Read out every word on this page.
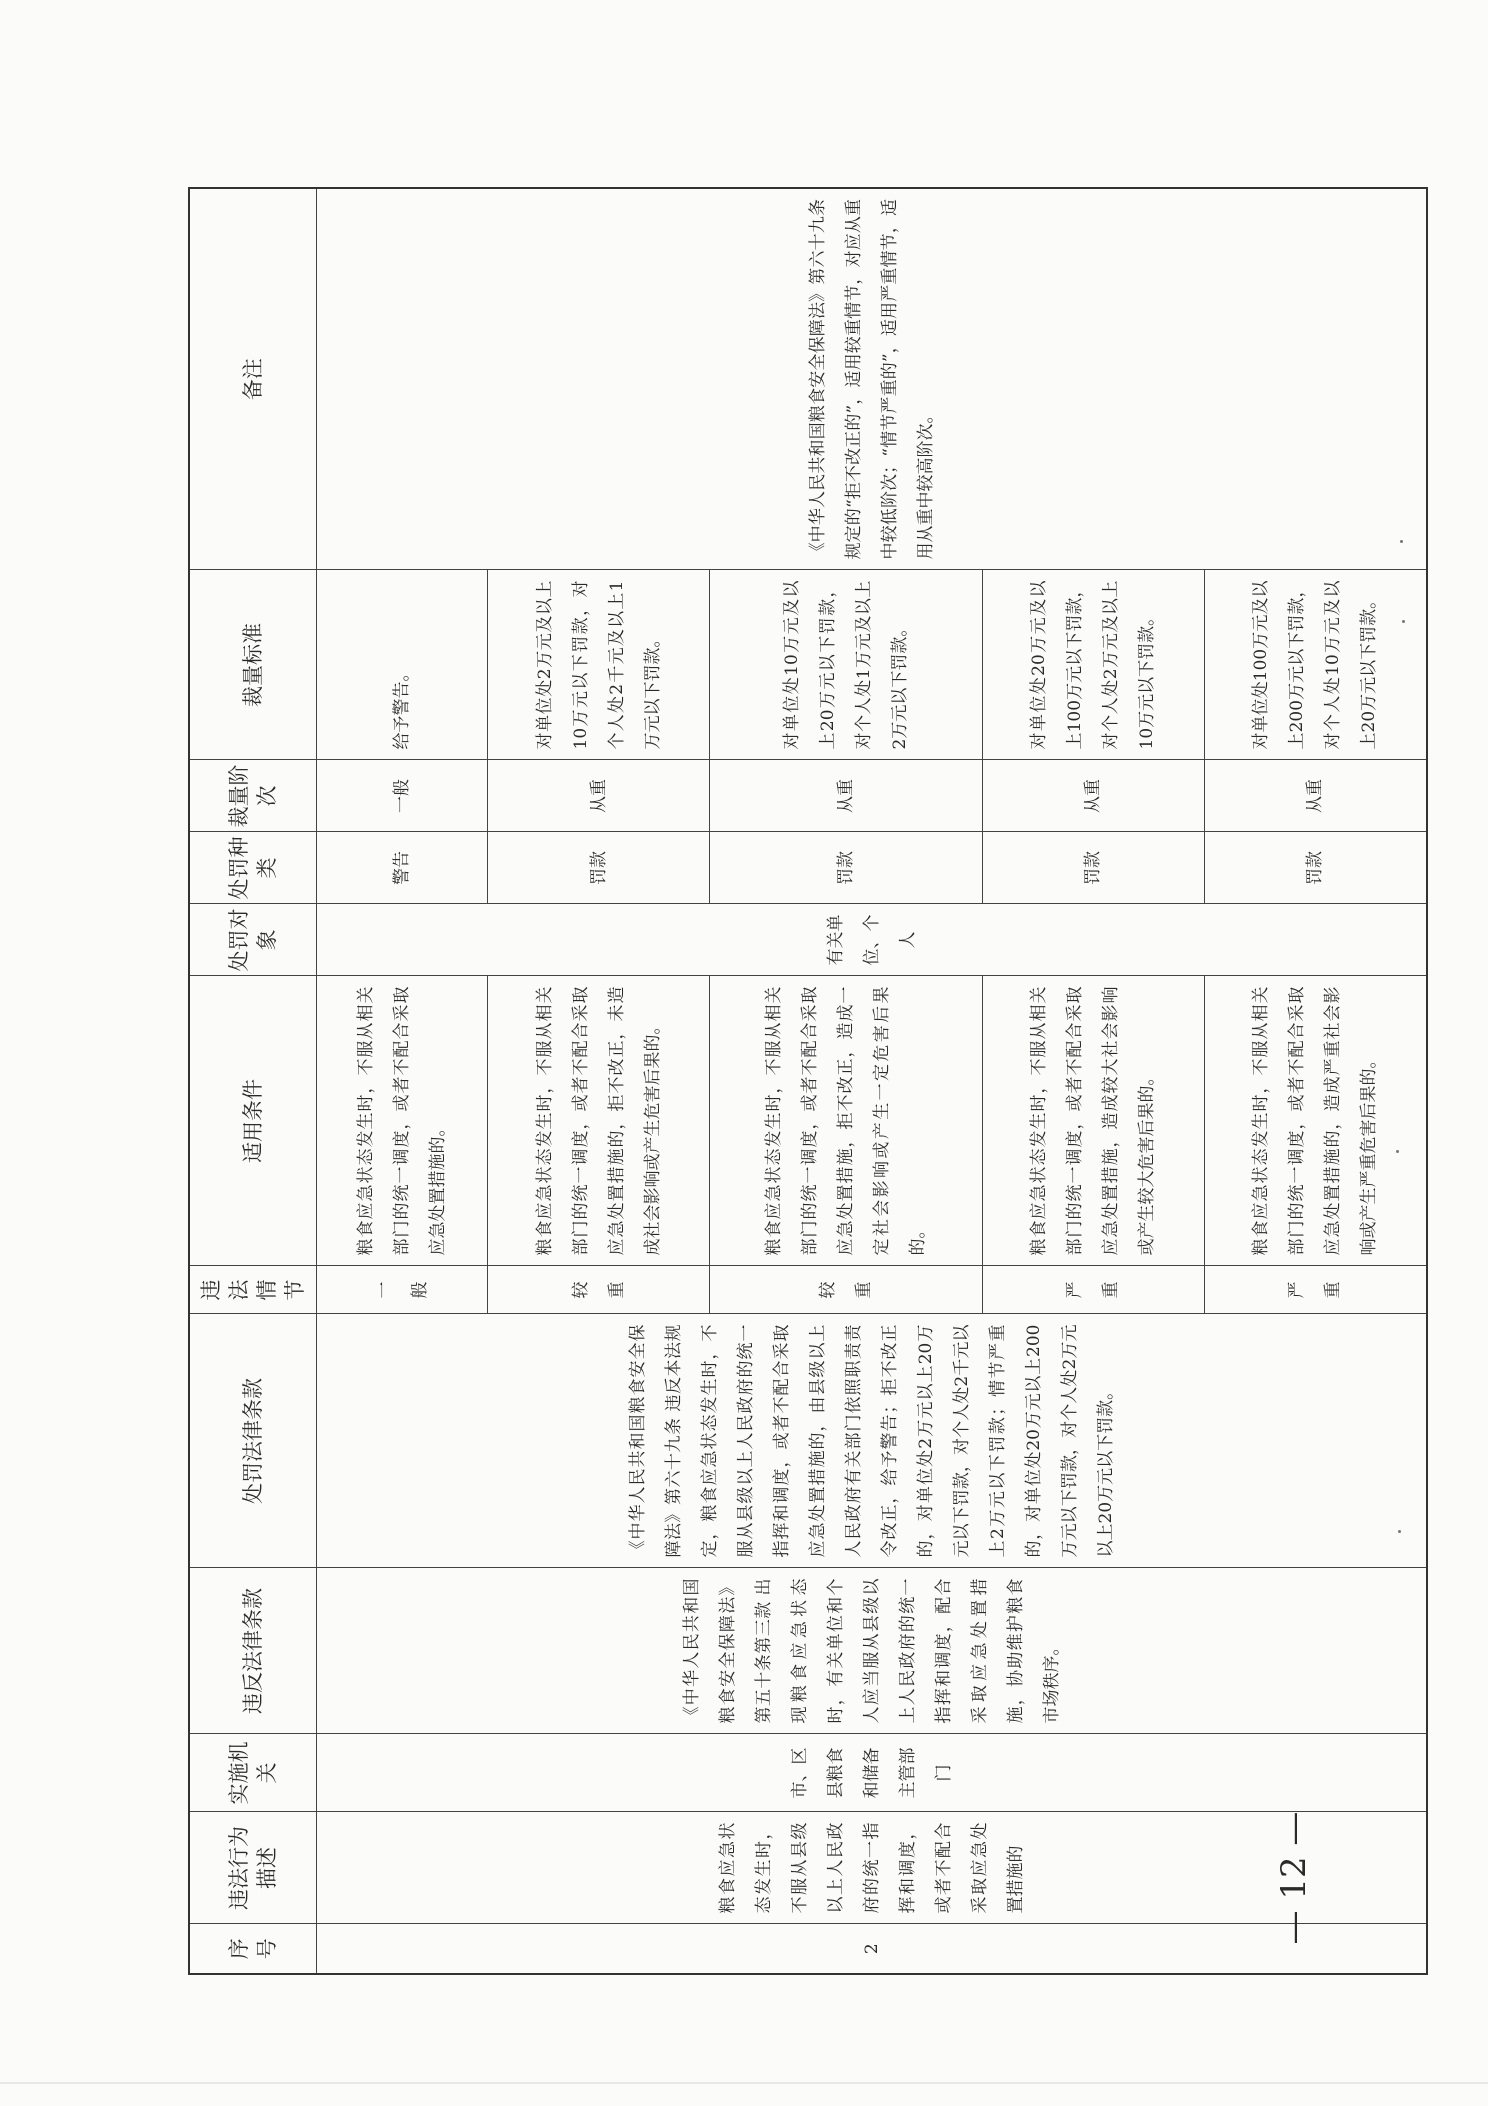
序号	违法行为描述	实施机关	违反法律条款	处罚法律条款	违法情节	适用条件	处罚对象	处罚种类	裁量阶次	裁量标准	备注
2	粮食应急状态发生时，不服从县级以上人民政府的统一指挥和调度，或者不配合采取应急处置措施的	市、区县粮食和储备主管部门	《中华人民共和国粮食安全保障法》第五十条第三款 出现粮食应急状态时，有关单位和个人应当服从县级以上人民政府的统一指挥和调度，配合采取应急处置措施，协助维护粮食市场秩序。	《中华人民共和国粮食安全保障法》第六十九条 违反本法规定，粮食应急状态发生时，不服从县级以上人民政府的统一指挥和调度，或者不配合采取应急处置措施的，由县级以上人民政府有关部门依照职责责令改正，给予警告；拒不改正的，对单位处2万元以上20万元以下罚款，对个人处2千元以上2万元以下罚款；情节严重的，对单位处20万元以上200万元以下罚款，对个人处2万元以上20万元以下罚款。	一般	粮食应急状态发生时，不服从相关部门的统一调度，或者不配合采取应急处置措施的。	有关单位、个人	警告	一般	给予警告。	《中华人民共和国粮食安全保障法》第六十九条规定的“拒不改正的”，适用较重情节，对应从重中较低阶次；“情节严重的”，适用严重情节，适用从重中较高阶次。
					较重	粮食应急状态发生时，不服从相关部门的统一调度，或者不配合采取应急处置措施的，拒不改正，未造成社会影响或产生危害后果的。		罚款	从重	对单位处2万元及以上10万元以下罚款，对个人处2千元及以上1万元以下罚款。	
					较重	粮食应急状态发生时，不服从相关部门的统一调度，或者不配合采取应急处置措施，拒不改正，造成一定社会影响或产生一定危害后果的。		罚款	从重	对单位处10万元及以上20万元以下罚款，对个人处1万元及以上2万元以下罚款。	
					严重	粮食应急状态发生时，不服从相关部门的统一调度，或者不配合采取应急处置措施，造成较大社会影响或产生较大危害后果的。		罚款	从重	对单位处20万元及以上100万元以下罚款，对个人处2万元及以上10万元以下罚款。	
					严重	粮食应急状态发生时，不服从相关部门的统一调度，或者不配合采取应急处置措施的，造成严重社会影响或产生严重危害后果的。		罚款	从重	对单位处100万元及以上200万元以下罚款，对个人处10万元及以上20万元以下罚款。	
— 12 —
